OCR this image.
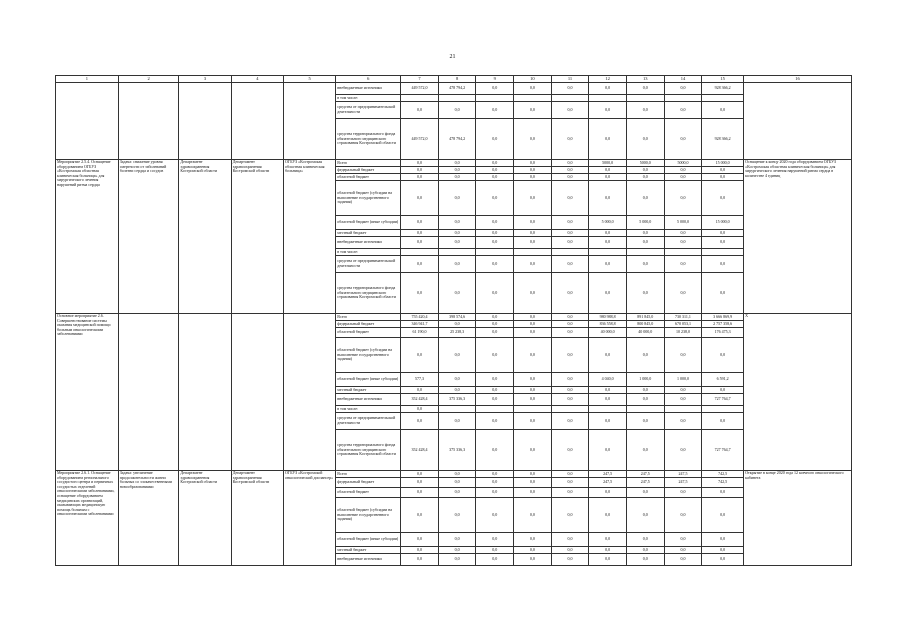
21
1	2	3	4	5	6	7	8	9	10	11	12	13	14	15	16
					внебюджетные источники	449 572,0	478 794,2	0,0	0,0	0,0	0,0	0,0	0,0	928 366,2	
					в том числе:										
					средства от предпринимательской деятельности	0,0	0,0	0,0	0,0	0,0	0,0	0,0	0,0	0,0	
					средства территориального фонда обязательного медицинского страхования Костромской области	449 572,0	478 794,2	0,0	0,0	0,0	0,0	0,0	0,0	928 366,2	
Мероприятие 2.5.4. Оснащение оборудованием ОГБУЗ «Костромская областная клиническая больница» для хирургического лечения нарушений ритма сердца	Задача: снижение уровня смертности от заболеваний болезни сердца и сосудов	Департамент здравоохранения Костромской области	Департамент здравоохранения Костромской области	ОГБУЗ «Костромская областная клиническая больница»	Всего	0,0	0,0	0,0	0,0	0,0	5000,0	5000,0	5000,0	15 000,0	Оснащение к концу 2020 года оборудованием ОГБУЗ «Костромская областная клиническая больница» для хирургического лечения нарушений ритма сердца в количестве 4 единиц
					федеральный бюджет	0,0	0,0	0,0	0,0	0,0	0,0	0,0	0,0	0,0	
					областной бюджет	0,0	0,0	0,0	0,0	0,0	0,0	0,0	0,0	0,0	
					областной бюджет (субсидии на выполнение государственного задания)	0,0	0,0	0,0	0,0	0,0	0,0	0,0	0,0	0,0	
					областной бюджет (иные субсидии)	0,0	0,0	0,0	0,0	0,0	5 000,0	5 000,0	5 000,0	15 000,0	
					местный бюджет	0,0	0,0	0,0	0,0	0,0	0,0	0,0	0,0	0,0	
					внебюджетные источники	0,0	0,0	0,0	0,0	0,0	0,0	0,0	0,0	0,0	
					в том числе:										
					средства от предпринимательской деятельности	0,0	0,0	0,0	0,0	0,0	0,0	0,0	0,0	0,0	
					средства территориального фонда обязательного медицинского страхования Костромской области	0,0	0,0	0,0	0,0	0,0	0,0	0,0	0,0	0,0	
Основное мероприятие 2.6. Совершенствование системы оказания медицинской помощи больным онкологическими заболеваниями					Всего	755 420,4	398 574,6	0,0	0,0	0,0	980 988,8	891 845,0	730 311,1	3 666 869,9	Х
					федеральный бюджет	346 941,7	0,0	0,0	0,0	0,0	836 558,8	800 845,0	670 053,1	2 757 358,6	
					областной бюджет	61 190,0	25 238,3	0,0	0,0	0,0	40 000,0	40 000,0	10 238,0	176 475,3	
					областной бюджет (субсидии на выполнение государственного задания)	0,0	0,0	0,0	0,0	0,0	0,0	0,0	0,0	0,0	
					областной бюджет (иные субсидии)	577,3	0,0	0,0	0,0	0,0	4 040,0	1 000,0	1 000,0	6 591,2	
					местный бюджет	0,0	0,0	0,0	0,0	0,0	0,0	0,0	0,0	0,0	
					внебюджетные источники	352 428,4	375 336,3	0,0	0,0	0,0	0,0	0,0	0,0	727 764,7	
					в том числе:	0,0									
					средства от предпринимательской деятельности	0,0	0,0	0,0	0,0	0,0	0,0	0,0	0,0	0,0	
					средства территориального фонда обязательного медицинского страхования Костромской области	352 428,4	375 336,3	0,0	0,0	0,0	0,0	0,0	0,0	727 764,7	
Мероприятие 2.6.1. Оснащение оборудованием регионального сосудистого центра и первичных сосудистых отделений онкологическими заболеваниями, оснащение оборудованием медицинских организаций, оказывающих медицинскую помощь больным с онкологическими заболеваниями	Задача: увеличение продолжительности жизни больных со злокачественными новообразованиями	Департамент здравоохранения Костромской области	Департамент здравоохранения Костромской области	ОГБУЗ «Костромской онкологический диспансер»	Всего	0,0	0,0	0,0	0,0	0,0	247,5	247,5	247,5	742,5	Открытие в конце 2020 года 12 коечного онкологического кабинета
					федеральный бюджет	0,0	0,0	0,0	0,0	0,0	247,5	247,5	247,5	742,5	
					областной бюджет	0,0	0,0	0,0	0,0	0,0	0,0	0,0	0,0	0,0	
					областной бюджет (субсидии на выполнение государственного задания)	0,0	0,0	0,0	0,0	0,0	0,0	0,0	0,0	0,0	
					областной бюджет (иные субсидии)	0,0	0,0	0,0	0,0	0,0	0,0	0,0	0,0	0,0	
					местный бюджет	0,0	0,0	0,0	0,0	0,0	0,0	0,0	0,0	0,0	
					внебюджетные источники	0,0	0,0	0,0	0,0	0,0	0,0	0,0	0,0	0,0	
